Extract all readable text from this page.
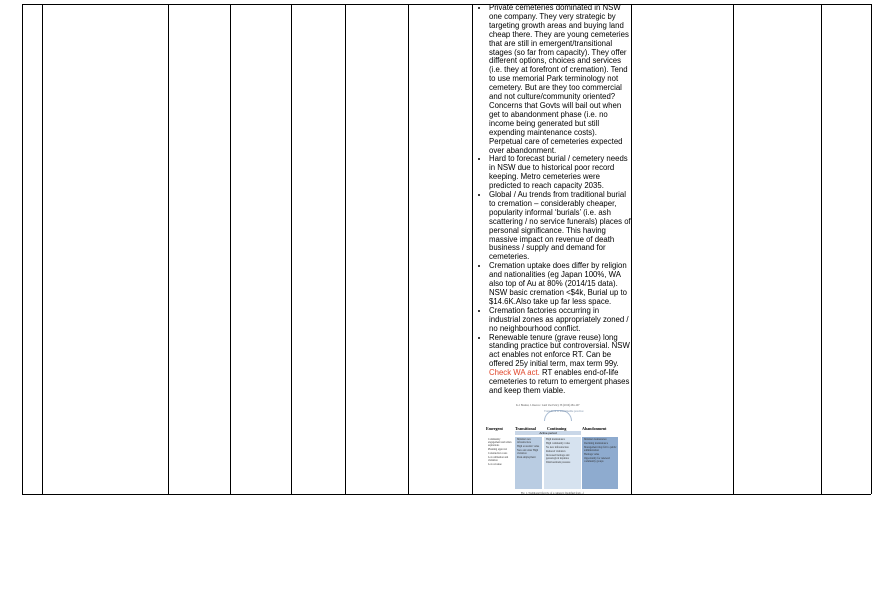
• Private cemeteries dominated in NSW one company. They very strategic by targeting growth areas and buying land cheap there. They are young cemeteries that are still in emergent/transitional stages (so far from capacity). They offer different options, choices and services (i.e. they at forefront of cremation). Tend to use memorial Park terminology not cemetery. But are they too commercial and not culture/community oriented? Concerns that Govts will bail out when get to abandonment phase (i.e. no income being generated but still expending maintenance costs). Perpetual care of cemeteries expected over abandonment.
• Hard to forecast burial / cemetery needs in NSW due to historical poor record keeping. Metro cemeteries were predicted to reach capacity 2035.
• Global / Au trends from traditional burial to cremation – considerably cheaper, popularity informal ‘burials’ (i.e. ash scattering / no service funerals) places of personal significance. This having massive impact on revenue of death business / supply and demand for cemeteries.
• Cremation uptake does differ by religion and nationalities (eg Japan 100%, WA also top of Au at 80% (2014/15 data). NSW basic cremation <$4k, Burial up to $14.6K.Also take up far less space.
• Cremation factories occurring in industrial zones as appropriately zoned / no neighbourhood conflict.
• Renewable tenure (grave reuse) long standing practice but controversial. NSW act enables not enforce RT. Can be offered 25y initial term, max term 99y. Check WA act. RT enables end-of-life cemeteries to return to emergent phases and keep them viable.
K.J. Basmer, J. Reeves / Land Use Policy 58 (2016) 284–297
Transition to sustainable practice
Emergent	Transitional	Continuing	Abandonment
Active period
Community engagement and urban aspirations
Planning approval
Construction costs
Low utilisation and visitation
Low revenue
Minimal new infrastructure
High economic value
New and older High visitation
Peak employment
High maintenance
High community value
No new infrastructure
Reduced visitation
Increased heritage and genealogical inquiries
Disinvestment pressure
Minimal maintenance
Declining maintenance
Management may fall to public administration
Heritage value
Opportunity for renewed community groups
Fig. 1. Traditional lifecycle of a cemetery (modified from ...)
